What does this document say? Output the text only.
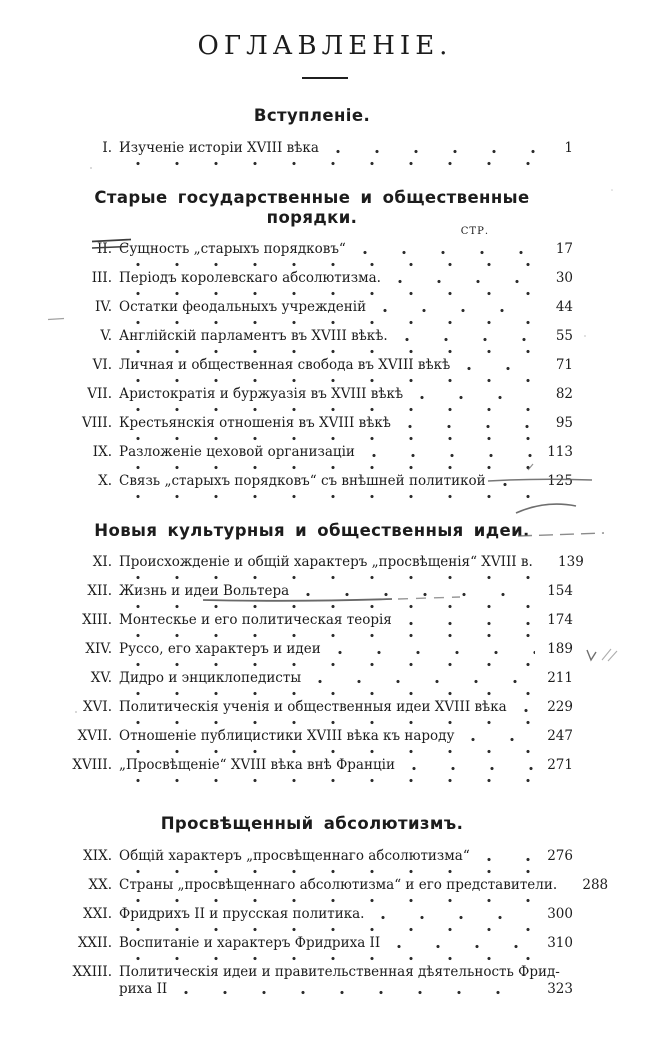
ОГЛАВЛЕНІЕ.
СТР.
Вступленіе.
I. Изученіе исторіи XVIII вѣка	1
Старые государственные и общественные порядки.
II. Сущность „старыхъ порядковъ“	17
III. Періодъ королевскаго абсолютизма.	30
IV. Остатки феодальныхъ учрежденій	44
V. Англійскій парламентъ въ XVIII вѣкѣ.	55
VI. Личная и общественная свобода въ XVIII вѣкѣ	71
VII. Аристократія и буржуазія въ XVIII вѣкѣ	82
VIII. Крестьянскія отношенія въ XVIII вѣкѣ	95
IX. Разложеніе цеховой организаціи	113
X. Связь „старыхъ порядковъ“ съ внѣшней политикой	125
Новыя культурныя и общественныя идеи.
XI. Происхожденіе и общій характеръ „просвѣщенія“ XVIII в.	139
XII. Жизнь и идеи Вольтера	154
XIII. Монтескье и его политическая теорія	174
XIV. Руссо, его характеръ и идеи	189
XV. Дидро и энциклопедисты	211
XVI. Политическія ученія и общественныя идеи XVIII вѣка	229
XVII. Отношеніе публицистики XVIII вѣка къ народу	247
XVIII. „Просвѣщеніе“ XVIII вѣка внѣ Франціи	271
Просвѣщенный абсолютизмъ.
XIX. Общій характеръ „просвѣщеннаго абсолютизма“	276
XX. Страны „просвѣщеннаго абсолютизма“ и его представители.	288
XXI. Фридрихъ II и прусская политика.	300
XXII. Воспитаніе и характеръ Фридриха II	310
XXIII. Политическія идеи и правительственная дѣятельность Фрид-
риха II	323
